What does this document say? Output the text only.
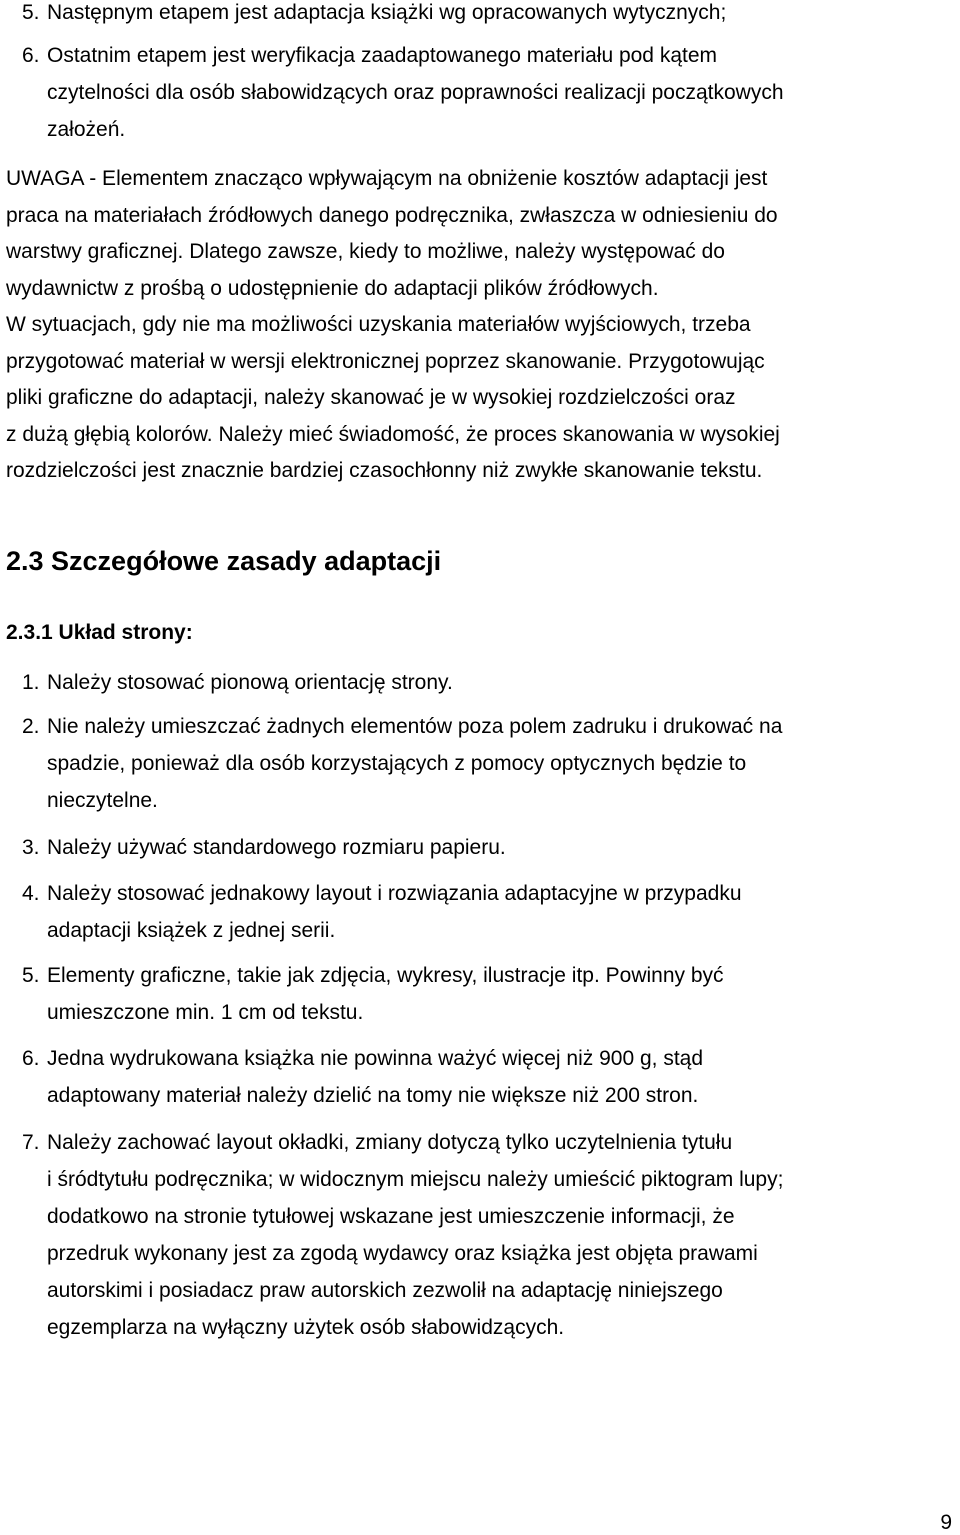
5. Następnym etapem jest adaptacja książki wg opracowanych wytycznych;
6. Ostatnim etapem jest weryfikacja zaadaptowanego materiału pod kątem
czytelności dla osób słabowidzących oraz poprawności realizacji początkowych
założeń.
UWAGA - Elementem znacząco wpływającym na obniżenie kosztów adaptacji jest
praca na materiałach źródłowych danego podręcznika, zwłaszcza w odniesieniu do
warstwy graficznej. Dlatego zawsze, kiedy to możliwe, należy występować do
wydawnictw z prośbą o udostępnienie do adaptacji plików źródłowych.
W sytuacjach, gdy nie ma możliwości uzyskania materiałów wyjściowych, trzeba
przygotować materiał w wersji elektronicznej poprzez skanowanie. Przygotowując
pliki graficzne do adaptacji, należy skanować je w wysokiej rozdzielczości oraz
z dużą głębią kolorów. Należy mieć świadomość, że proces skanowania w wysokiej
rozdzielczości jest znacznie bardziej czasochłonny niż zwykłe skanowanie tekstu.
2.3 Szczegółowe zasady adaptacji
2.3.1 Układ strony:
1. Należy stosować pionową orientację strony.
2. Nie należy umieszczać żadnych elementów poza polem zadruku i drukować na
spadzie, ponieważ dla osób korzystających z pomocy optycznych będzie to
nieczytelne.
3. Należy używać standardowego rozmiaru papieru.
4. Należy stosować jednakowy layout i rozwiązania adaptacyjne w przypadku
adaptacji książek z jednej serii.
5. Elementy graficzne, takie jak zdjęcia, wykresy, ilustracje itp. Powinny być
umieszczone min. 1 cm od tekstu.
6. Jedna wydrukowana książka nie powinna ważyć więcej niż 900 g, stąd
adaptowany materiał należy dzielić na tomy nie większe niż 200 stron.
7. Należy zachować layout okładki, zmiany dotyczą tylko uczytelnienia tytułu
i śródtytułu podręcznika; w widocznym miejscu należy umieścić piktogram lupy;
dodatkowo na stronie tytułowej wskazane jest umieszczenie informacji, że
przedruk wykonany jest za zgodą wydawcy oraz książka jest objęta prawami
autorskimi i posiadacz praw autorskich zezwolił na adaptację niniejszego
egzemplarza na wyłączny użytek osób słabowidzących.
9
